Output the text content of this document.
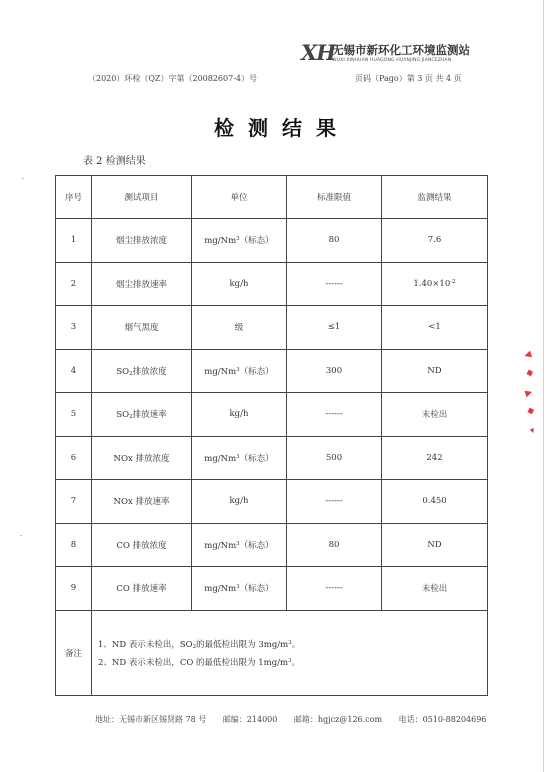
XH
无锡市新环化工环境监测站
WUXI XINHUAN HUAGONG HUANJING JIANCEZHAN
（2020）环检（QZ）字第（20082607-4）号	页码（Pago）第 3 页 共 4 页
检测结果
表 2 检测结果
序号	测试项目	单位	标准限值	监测结果
1	烟尘排放浓度	mg/Nm$^3$（标态）	80	7.6
2	烟尘排放速率	kg/h	------	$1.40\times 10^{-2}$
3	烟气黑度	级	≤1	<1
4	$SO_2$排放浓度	mg/Nm$^3$（标态）	300	ND
5	$SO_2$排放速率	kg/h	------	未检出
6	NOx 排放浓度	mg/Nm$^3$（标态）	500	242
7	NOx 排放速率	kg/h	------	0.450
8	CO 排放浓度	mg/Nm$^3$（标态）	80	ND
9	CO 排放速率	mg/Nm$^3$（标态）	------	未检出
备注	1、ND 表示未检出，$SO_2$的最低检出限为 $3mg/m^3$。
2、ND 表示未检出，CO 的最低检出限为 $1mg/m^3$。			
地址：无锡市新区锡贤路 78 号 邮编：214000 邮箱：hgjcz@126.com 电话：0510-88204696
▼
◆
▲
◆
▸
